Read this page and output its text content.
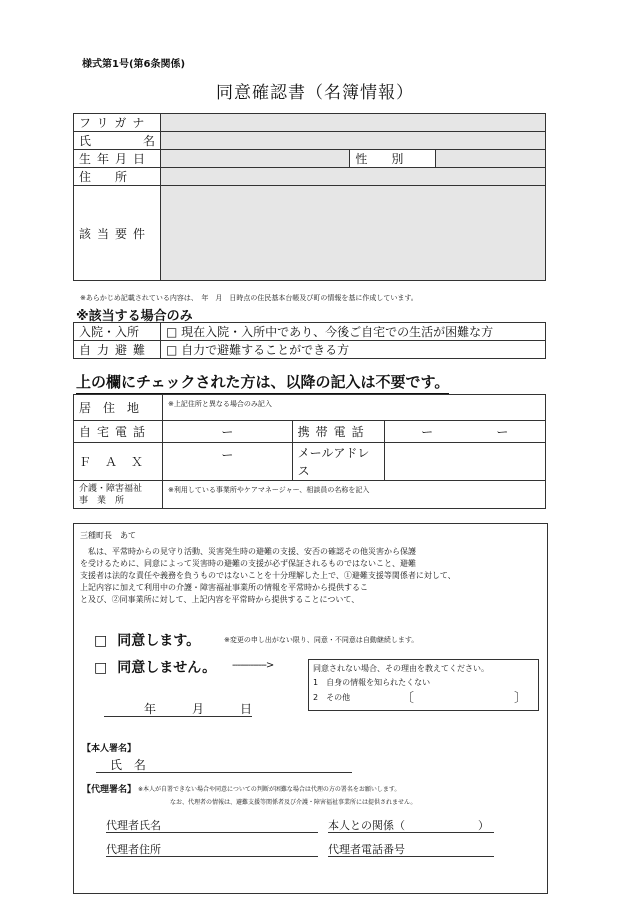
様式第1号(第6条関係)
同意確認書（名簿情報）
フリガナ			

氏 名			

生年月日		性　　別	
住　　所			
該当要件			
※あらかじめ記載されている内容は、　年　月　日時点の住民基本台帳及び町の情報を基に作成しています。
※該当する場合のみ
入院・入所	□ 現在入院・入所中であり、今後ご自宅での生活が困難な方
自力避難	□ 自力で避難することができる方
上の欄にチェックされた方は、以降の記入は不要です。
居住地	※上記住所と異なる場合のみ記入		
自宅電話	ー	携帯電話	ー ー

ＦＡＸ	ー	メールアドレス	

介護・障害福祉
事　業　所	※利用している事業所やケアマネージャー、相談員の名称を記入		
三種町長　あて
　私は、平常時からの見守り活動、災害発生時の避難の支援、安否の確認その他災害から保護
を受けるために、同意によって災害時の避難の支援が必ず保証されるものではないこと、避難
支援者は法的な責任や義務を負うものではないことを十分理解した上で、①避難支援等関係者に対して、
上記内容に加えて利用中の介護・障害福祉事業所の情報を平常時から提供するこ
と及び、②同事業所に対して、上記内容を平常時から提供することについて、
□ 同意します。	※変更の申し出がない限り、同意・不同意は自動継続します。
□ 同意しません。 ------------->	同意されない場合、その理由を教えてください。
1　自身の情報を知られたくない
2　その他	〔	〕
年	月	日
【本人署名】
氏 名
【代理署名】 ※本人が自署できない場合や同意についての判断が困難な場合は代理の方の署名をお願いします。
なお、代理者の情報は、避難支援等関係者及び介護・障害福祉事業所には提供されません。
代理者氏名	本人との関係（	）
代理者住所	代理者電話番号
